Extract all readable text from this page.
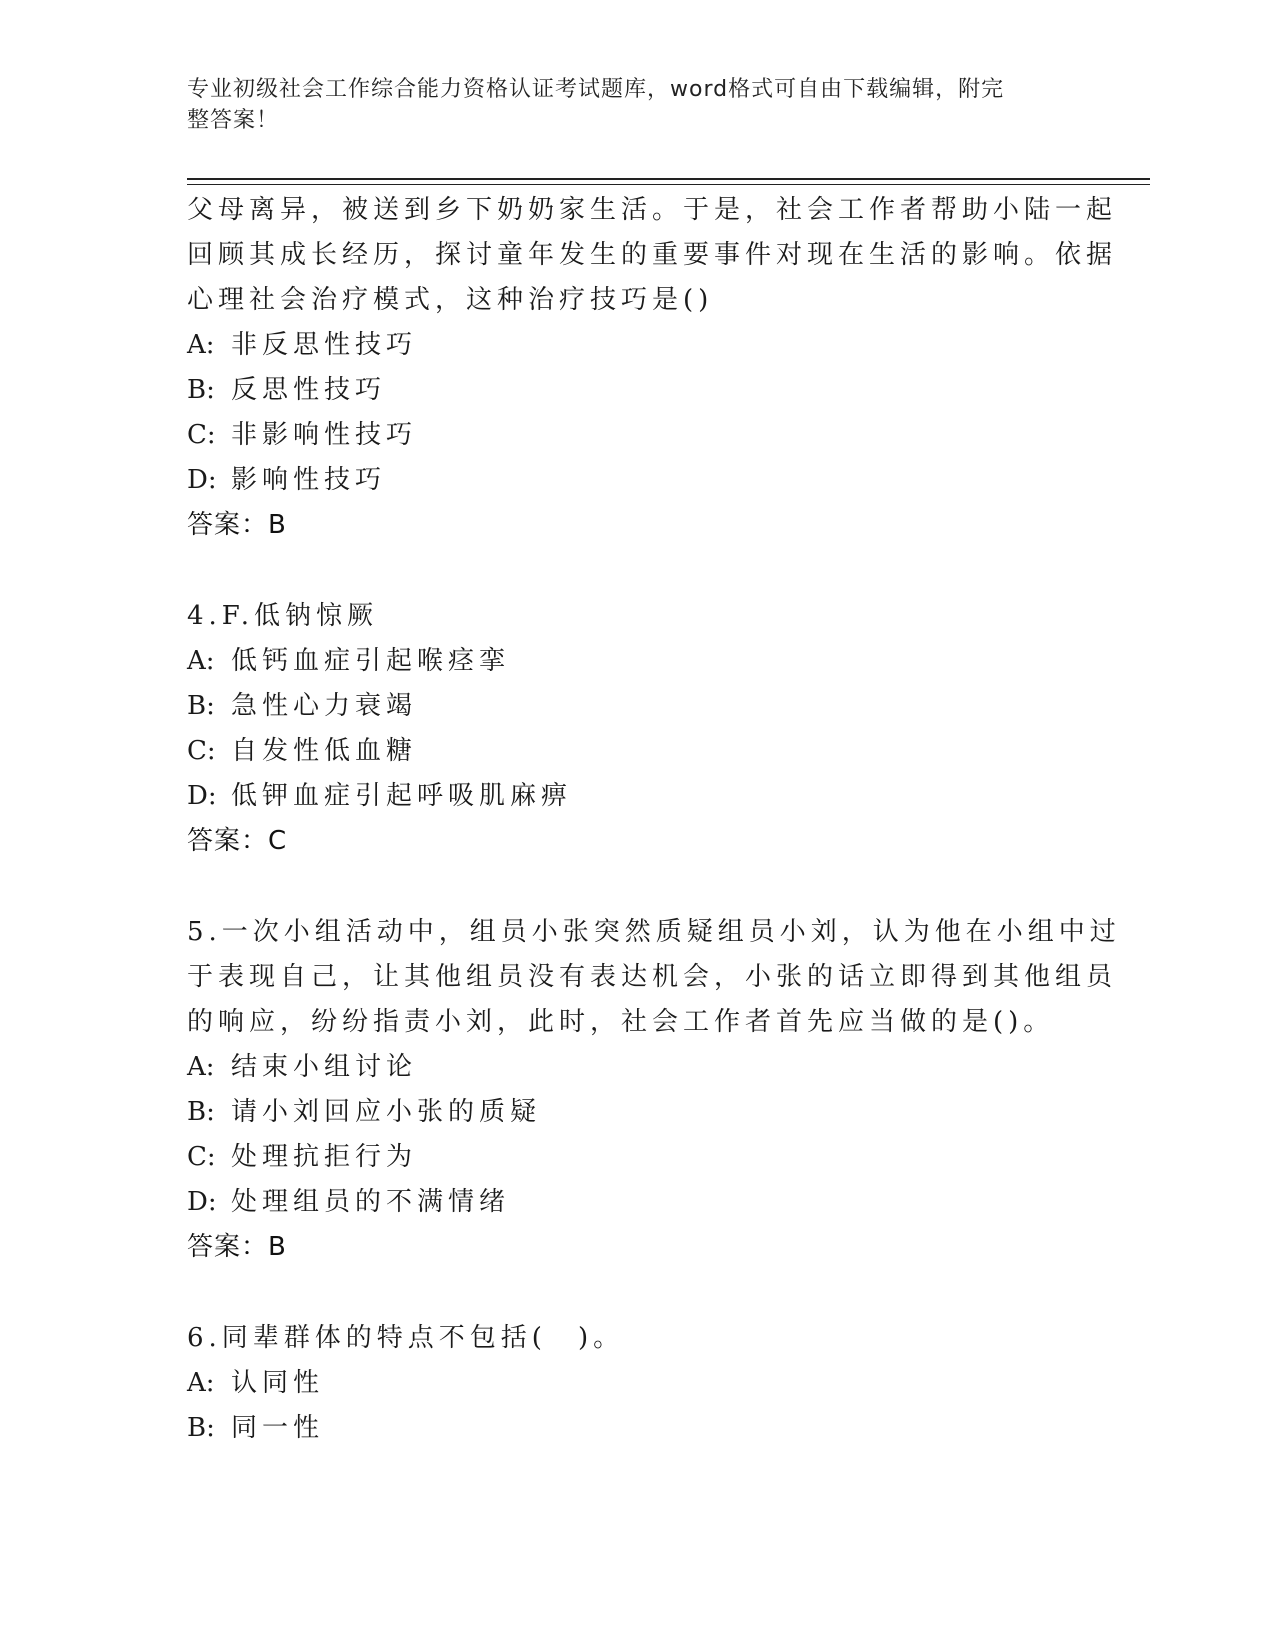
专业初级社会工作综合能力资格认证考试题库，word格式可自由下载编辑，附完
整答案！
父母离异，被送到乡下奶奶家生活。于是，社会工作者帮助小陆一起
回顾其成长经历，探讨童年发生的重要事件对现在生活的影响。依据
心理社会治疗模式，这种治疗技巧是()
A: 非反思性技巧
B: 反思性技巧
C: 非影响性技巧
D: 影响性技巧
答案：B
4.F.低钠惊厥
A: 低钙血症引起喉痉挛
B: 急性心力衰竭
C: 自发性低血糖
D: 低钾血症引起呼吸肌麻痹
答案：C
5.一次小组活动中，组员小张突然质疑组员小刘，认为他在小组中过
于表现自己，让其他组员没有表达机会，小张的话立即得到其他组员
的响应，纷纷指责小刘，此时，社会工作者首先应当做的是()。
A: 结束小组讨论
B: 请小刘回应小张的质疑
C: 处理抗拒行为
D: 处理组员的不满情绪
答案：B
6.同辈群体的特点不包括(　)。
A: 认同性
B: 同一性
